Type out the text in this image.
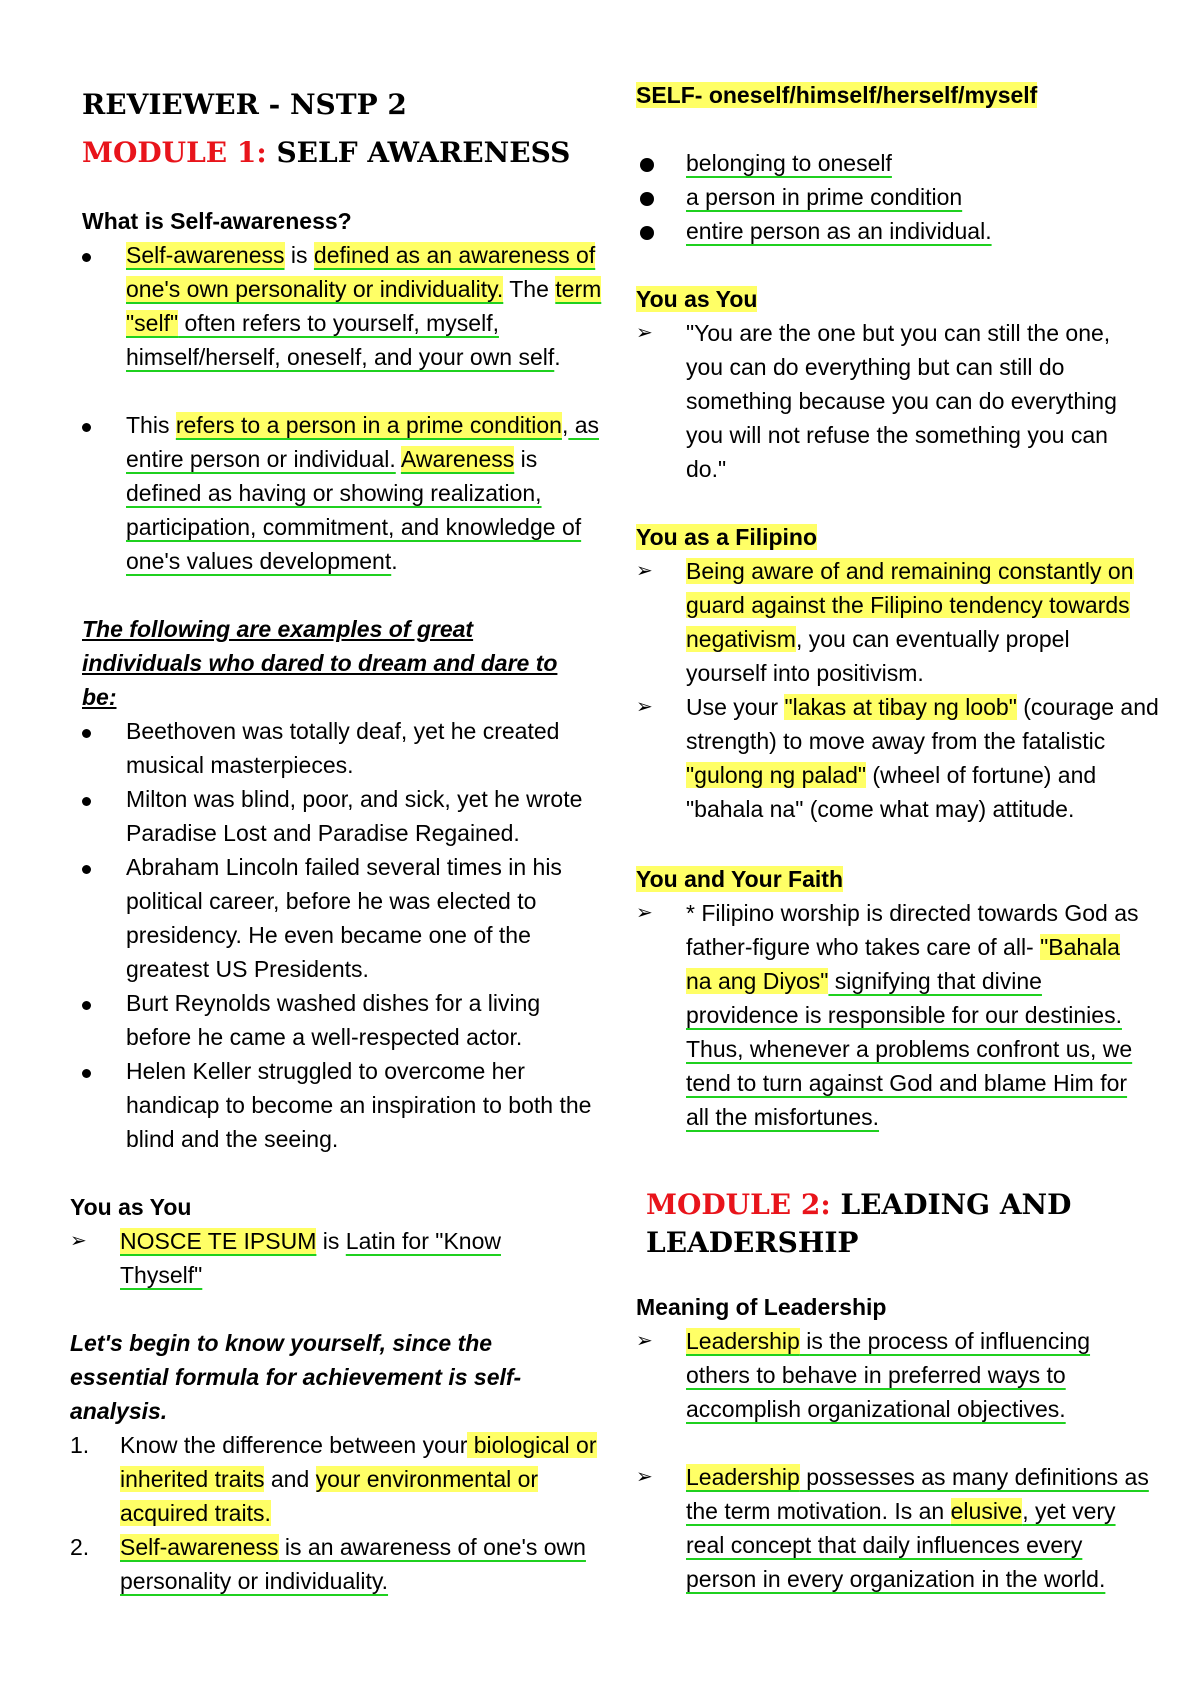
REVIEWER - NSTP 2
MODULE 1: SELF AWARENESS
What is Self-awareness?
Self-awareness is defined as an awareness of one's own personality or individuality. The term "self" often refers to yourself, myself, himself/herself, oneself, and your own self.
This refers to a person in a prime condition, as entire person or individual. Awareness is defined as having or showing realization, participation, commitment, and knowledge of one's values development.
The following are examples of great individuals who dared to dream and dare to be:
Beethoven was totally deaf, yet he created musical masterpieces.
Milton was blind, poor, and sick, yet he wrote Paradise Lost and Paradise Regained.
Abraham Lincoln failed several times in his political career, before he was elected to presidency. He even became one of the greatest US Presidents.
Burt Reynolds washed dishes for a living before he came a well-respected actor.
Helen Keller struggled to overcome her handicap to become an inspiration to both the blind and the seeing.
You as You
➢ NOSCE TE IPSUM is Latin for "Know Thyself"
Let's begin to know yourself, since the essential formula for achievement is self-analysis.
1. Know the difference between your biological or inherited traits and your environmental or acquired traits.
2. Self-awareness is an awareness of one's own personality or individuality.
SELF- oneself/himself/herself/myself
belonging to oneself
a person in prime condition
entire person as an individual.
You as You
➢ "You are the one but you can still the one, you can do everything but can still do something because you can do everything you will not refuse the something you can do."
You as a Filipino
➢ Being aware of and remaining constantly on guard against the Filipino tendency towards negativism, you can eventually propel yourself into positivism.
➢ Use your "lakas at tibay ng loob" (courage and strength) to move away from the fatalistic "gulong ng palad" (wheel of fortune) and "bahala na" (come what may) attitude.
You and Your Faith
➢ * Filipino worship is directed towards God as father-figure who takes care of all- "Bahala na ang Diyos" signifying that divine providence is responsible for our destinies. Thus, whenever a problems confront us, we tend to turn against God and blame Him for all the misfortunes.
MODULE 2: LEADING AND LEADERSHIP
Meaning of Leadership
➢ Leadership is the process of influencing others to behave in preferred ways to accomplish organizational objectives.
➢ Leadership possesses as many definitions as the term motivation. Is an elusive, yet very real concept that daily influences every person in every organization in the world.
